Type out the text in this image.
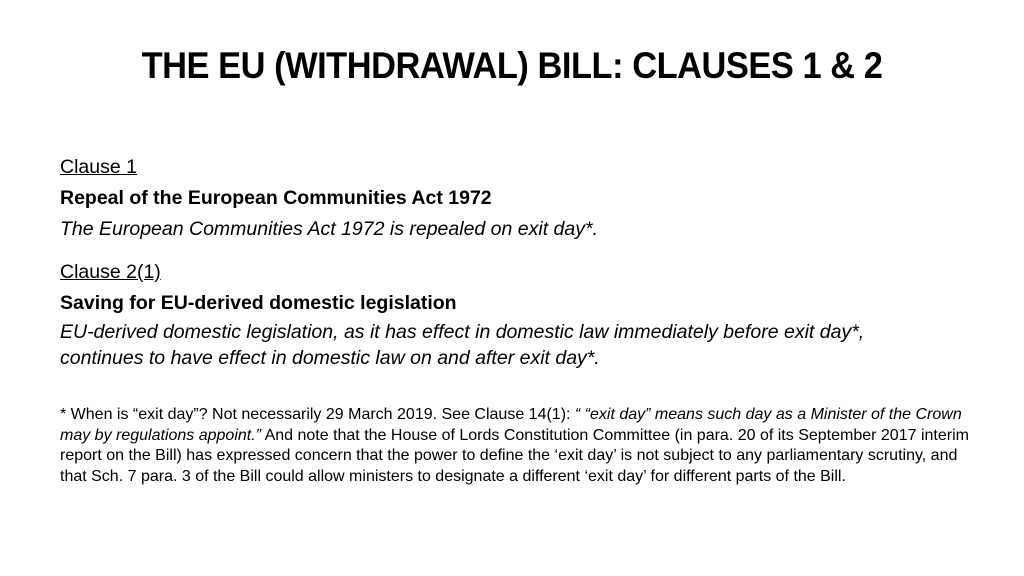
THE EU (WITHDRAWAL) BILL: CLAUSES 1 & 2
Clause 1
Repeal of the European Communities Act 1972
The European Communities Act 1972 is repealed on exit day*.
Clause 2(1)
Saving for EU-derived domestic legislation
EU-derived domestic legislation, as it has effect in domestic law immediately before exit day*, continues to have effect in domestic law on and after exit day*.
* When is “exit day”? Not necessarily 29 March 2019. See Clause 14(1): “ “exit day” means such day as a Minister of the Crown may by regulations appoint.” And note that the House of Lords Constitution Committee (in para. 20 of its September 2017 interim report on the Bill) has expressed concern that the power to define the ‘exit day’ is not subject to any parliamentary scrutiny, and that Sch. 7 para. 3 of the Bill could allow ministers to designate a different ‘exit day’ for different parts of the Bill.
